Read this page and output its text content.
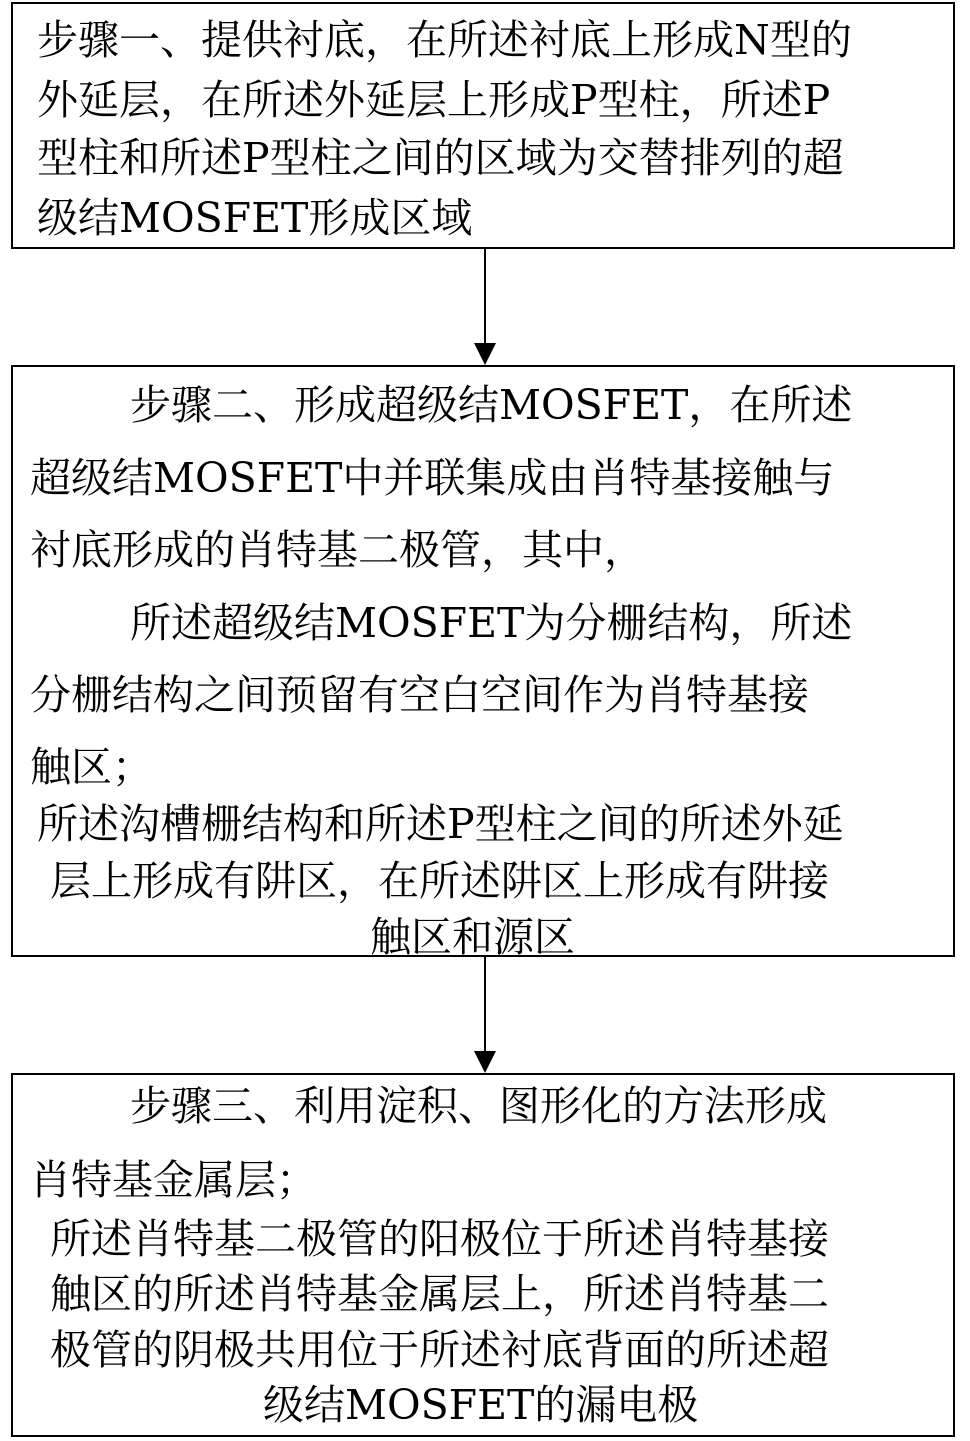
步骤一、提供衬底，在所述衬底上形成N型的
外延层，在所述外延层上形成P型柱，所述P
型柱和所述P型柱之间的区域为交替排列的超
级结MOSFET形成区域
步骤二、形成超级结MOSFET，在所述
超级结MOSFET中并联集成由肖特基接触与
衬底形成的肖特基二极管，其中，
所述超级结MOSFET为分栅结构，所述
分栅结构之间预留有空白空间作为肖特基接
触区；
所述沟槽栅结构和所述P型柱之间的所述外延
层上形成有阱区，在所述阱区上形成有阱接
触区和源区
步骤三、利用淀积、图形化的方法形成
肖特基金属层；
所述肖特基二极管的阳极位于所述肖特基接
触区的所述肖特基金属层上，所述肖特基二
极管的阴极共用位于所述衬底背面的所述超
级结MOSFET的漏电极
